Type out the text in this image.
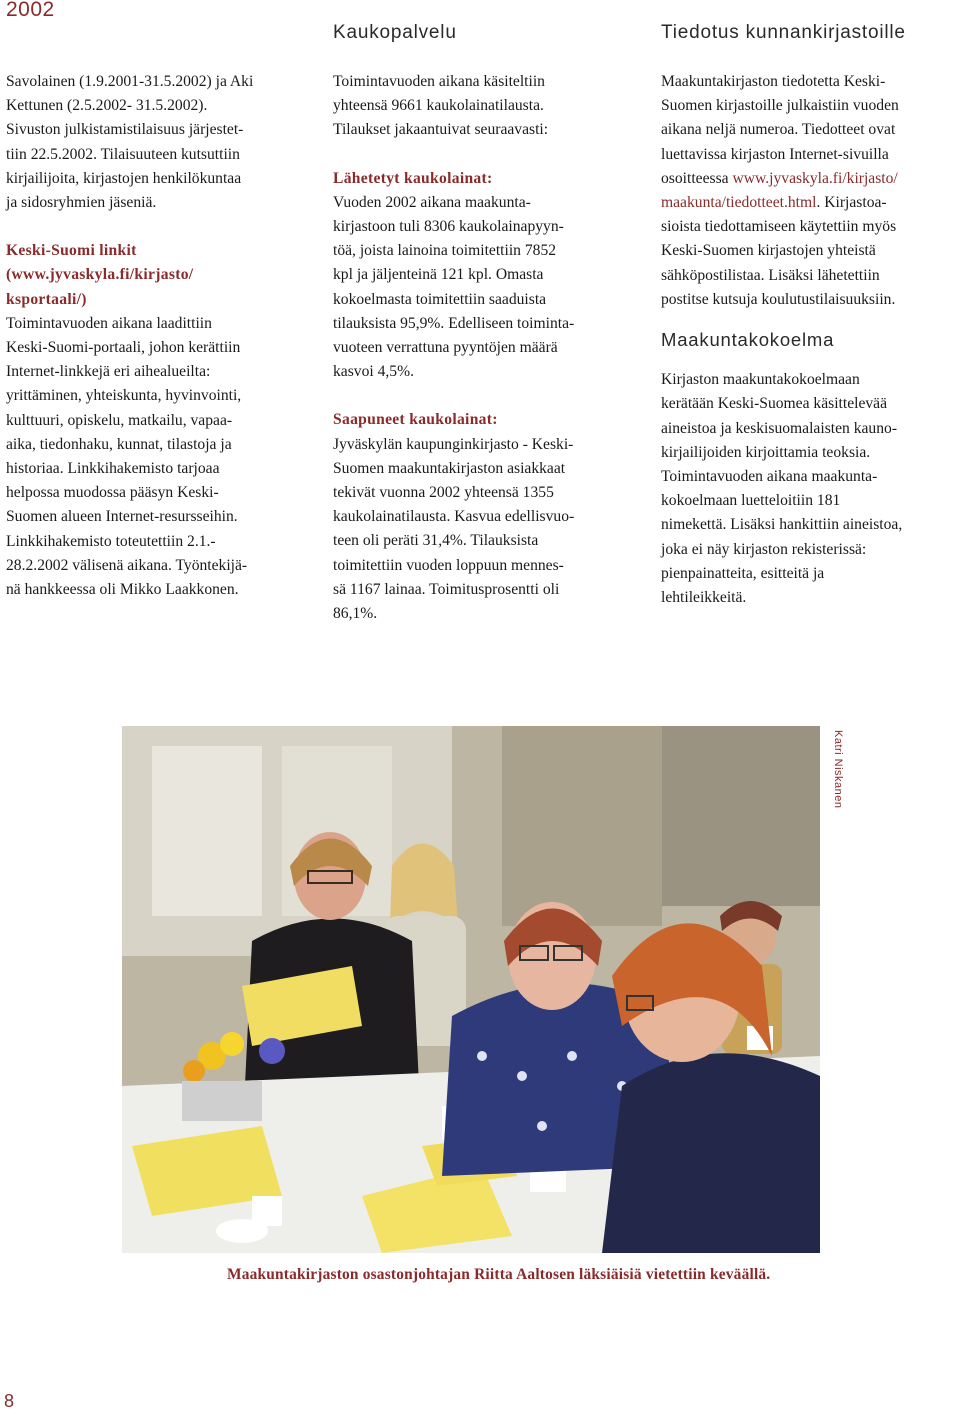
2002
Kaukopalvelu	Tiedotus kunnankirjastoille

Savolainen (1.9.2001-31.5.2002) ja Aki

Kettunen (2.5.2002- 31.5.2002).

Sivuston julkistamistilaisuus järjestet-

tiin 22.5.2002. Tilaisuuteen kutsuttiin

kirjailijoita, kirjastojen henkilökuntaa

ja sidosryhmien jäseniä.

Keski-Suomi linkit

(www.jyvaskyla.fi/kirjasto/

ksportaali/)

Toimintavuoden aikana laadittiin

Keski-Suomi-portaali, johon kerättiin

Internet-linkkejä eri aihealueilta:

yrittäminen, yhteiskunta, hyvinvointi,

kulttuuri, opiskelu, matkailu, vapaa-

aika, tiedonhaku, kunnat, tilastoja ja

historiaa. Linkkihakemisto tarjoaa

helpossa muodossa pääsyn Keski-

Suomen alueen Internet-resursseihin.

Linkkihakemisto toteutettiin 2.1.-

28.2.2002 välisenä aikana. Työntekijä-

nä hankkeessa oli Mikko Laakkonen.

Toimintavuoden aikana käsiteltiin

yhteensä 9661 kaukolainatilausta.

Tilaukset jakaantuivat seuraavasti:

Lähetetyt kaukolainat:

Vuoden 2002 aikana maakunta-

kirjastoon tuli 8306 kaukolainapyyn-

töä, joista lainoina toimitettiin 7852

kpl ja jäljenteinä 121 kpl. Omasta

kokoelmasta toimitettiin saaduista

tilauksista 95,9%. Edelliseen toiminta-

vuoteen verrattuna pyyntöjen määrä

kasvoi 4,5%.

Saapuneet kaukolainat:

Jyväskylän kaupunginkirjasto - Keski-

Suomen maakuntakirjaston asiakkaat

tekivät vuonna 2002 yhteensä 1355

kaukolainatilausta. Kasvua edellisvuo-

teen oli peräti 31,4%. Tilauksista

toimitettiin vuoden loppuun mennes-

sä 1167 lainaa. Toimitusprosentti oli

86,1%.

Maakuntakirjaston tiedotetta Keski-

Suomen kirjastoille julkaistiin vuoden

aikana neljä numeroa. Tiedotteet ovat

luettavissa kirjaston Internet-sivuilla

osoitteessa www.jyvaskyla.fi/kirjasto/

maakunta/tiedotteet.html. Kirjastoa-

sioista tiedottamiseen käytettiin myös

Keski-Suomen kirjastojen yhteistä

sähköpostilistaa. Lisäksi lähetettiin

postitse kutsuja koulutustilaisuuksiin.

Maakuntakokoelma

Kirjaston maakuntakokoelmaan

kerätään Keski-Suomea käsittelevää

aineistoa ja keskisuomalaisten kauno-

kirjailijoiden kirjoittamia teoksia.

Toimintavuoden aikana maakunta-

kokoelmaan luetteloitiin 181

nimekettä. Lisäksi hankittiin aineistoa,

joka ei näy kirjaston rekisterissä:

pienpainatteita, esitteitä ja

lehtileikkeitä.

Katri Niskanen
Maakuntakirjaston osastonjohtajan Riitta Aaltosen läksiäisiä vietettiin keväällä.
8
